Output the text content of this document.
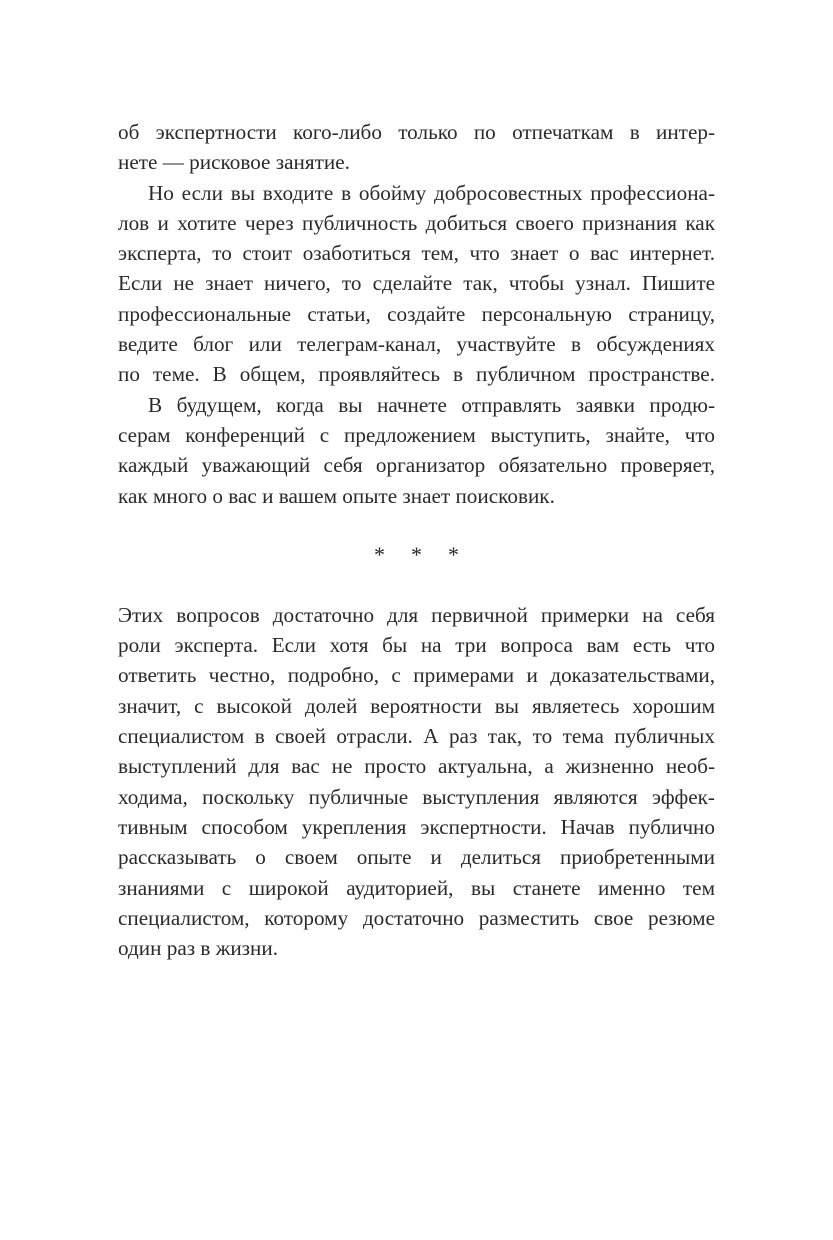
об экспертности кого-либо только по отпечаткам в интер-
нете — рисковое занятие.
Но если вы входите в обойму добросовестных профессиона-
лов и хотите через публичность добиться своего признания как
эксперта, то стоит озаботиться тем, что знает о вас интернет.
Если не знает ничего, то сделайте так, чтобы узнал. Пишите
профессиональные статьи, создайте персональную страницу,
ведите блог или телеграм-канал, участвуйте в обсуждениях
по теме. В общем, проявляйтесь в публичном пространстве.
В будущем, когда вы начнете отправлять заявки продю-
серам конференций с предложением выступить, знайте, что
каждый уважающий себя организатор обязательно проверяет,
как много о вас и вашем опыте знает поисковик.
* * *
Этих вопросов достаточно для первичной примерки на себя
роли эксперта. Если хотя бы на три вопроса вам есть что
ответить честно, подробно, с примерами и доказательствами,
значит, с высокой долей вероятности вы являетесь хорошим
специалистом в своей отрасли. А раз так, то тема публичных
выступлений для вас не просто актуальна, а жизненно необ-
ходима, поскольку публичные выступления являются эффек-
тивным способом укрепления экспертности. Начав публично
рассказывать о своем опыте и делиться приобретенными
знаниями с широкой аудиторией, вы станете именно тем
специалистом, которому достаточно разместить свое резюме
один раз в жизни.
